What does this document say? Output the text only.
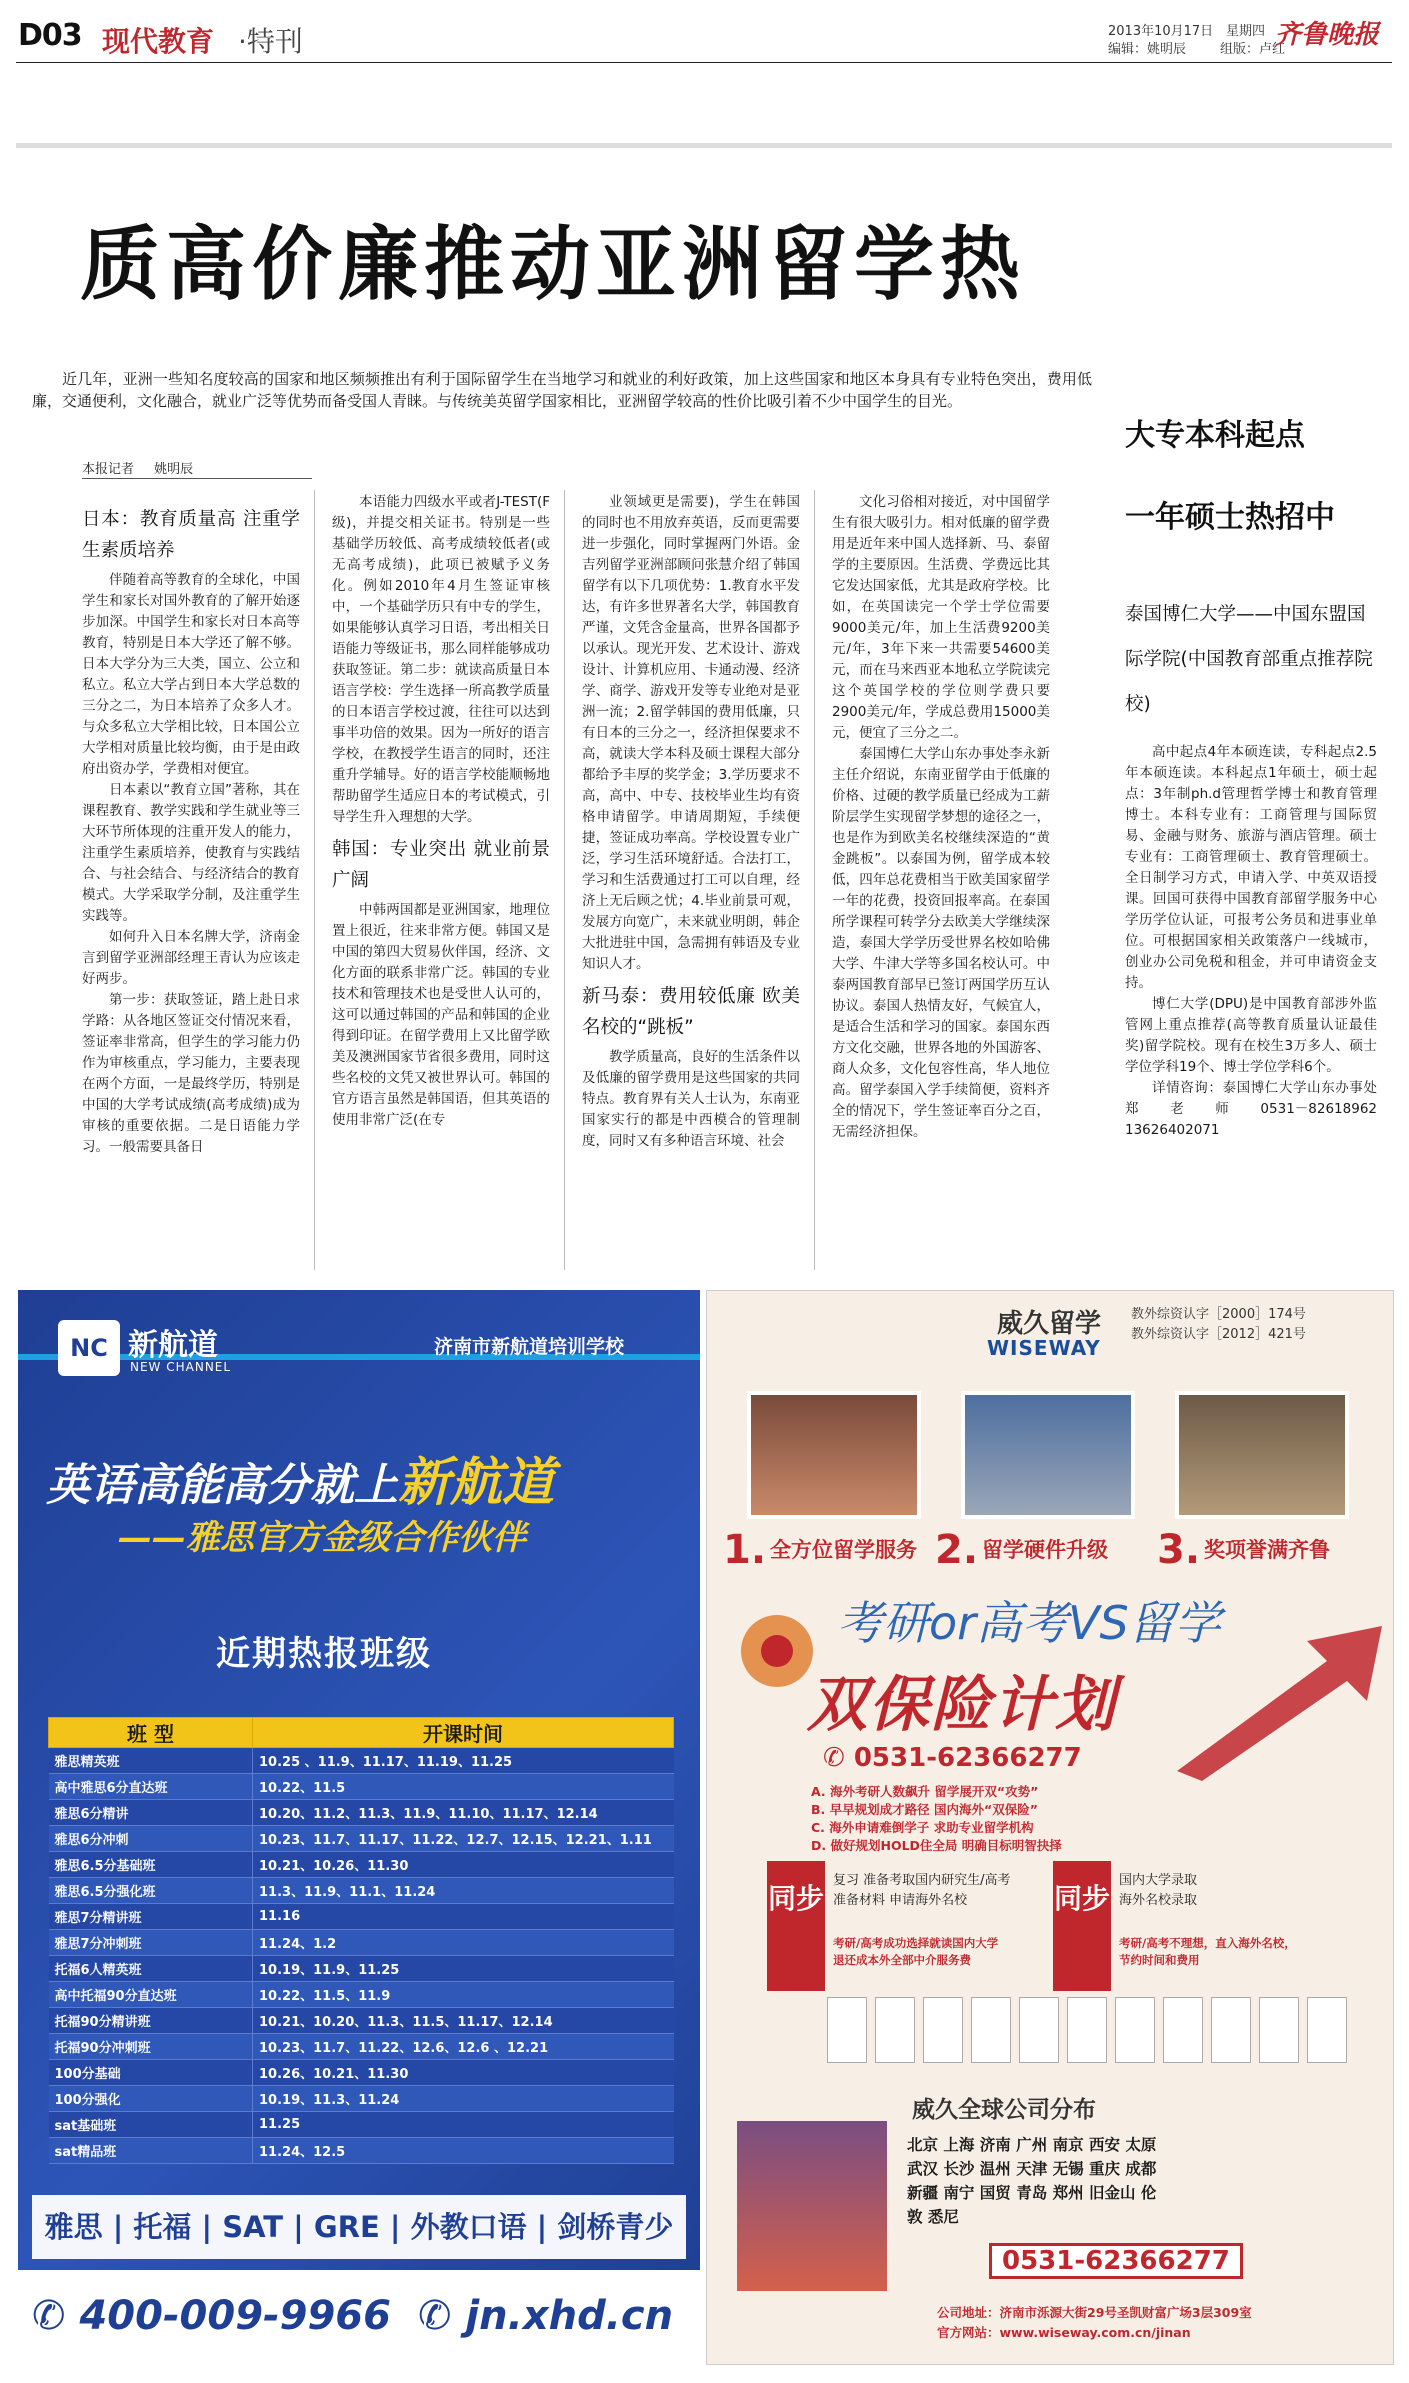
D03 现代教育 ·特刊	2013年10月17日 星期四
编辑：姚明辰	组版：卢红
齐鲁晚报
质高价廉推动亚洲留学热

近几年，亚洲一些知名度较高的国家和地区频频推出有利于国际留学生在当地学习和就业的利好政策，加上这些国家和地区本身具有专业特色突出，费用低廉，交通便利，文化融合，就业广泛等优势而备受国人青睐。与传统美英留学国家相比，亚洲留学较高的性价比吸引着不少中国学生的目光。

本报记者 姚明辰

日本：教育质量高 注重学生素质培养

伴随着高等教育的全球化，中国学生和家长对国外教育的了解开始逐步加深。中国学生和家长对日本高等教育，特别是日本大学还了解不够。日本大学分为三大类，国立、公立和私立。私立大学占到日本大学总数的三分之二，为日本培养了众多人才。与众多私立大学相比较，日本国公立大学相对质量比较均衡，由于是由政府出资办学，学费相对便宜。

日本素以“教育立国”著称，其在课程教育、教学实践和学生就业等三大环节所体现的注重开发人的能力，注重学生素质培养，使教育与实践结合、与社会结合、与经济结合的教育模式。大学采取学分制，及注重学生实践等。

如何升入日本名牌大学，济南金言到留学亚洲部经理王青认为应该走好两步。

第一步：获取签证，踏上赴日求学路：从各地区签证交付情况来看，签证率非常高，但学生的学习能力仍作为审核重点，学习能力，主要表现在两个方面，一是最终学历，特别是中国的大学考试成绩(高考成绩)成为审核的重要依据。二是日语能力学习。一般需要具备日

本语能力四级水平或者J-TEST(F级)，并提交相关证书。特别是一些基础学历较低、高考成绩较低者(或无高考成绩)，此项已被赋予义务化。例如2010年4月生签证审核中，一个基础学历只有中专的学生，如果能够认真学习日语，考出相关日语能力等级证书，那么同样能够成功获取签证。第二步：就读高质量日本语言学校：学生选择一所高教学质量的日本语言学校过渡，往往可以达到事半功倍的效果。因为一所好的语言学校，在教授学生语言的同时，还注重升学辅导。好的语言学校能顺畅地帮助留学生适应日本的考试模式，引导学生升入理想的大学。

韩国：专业突出 就业前景广阔

中韩两国都是亚洲国家，地理位置上很近，往来非常方便。韩国又是中国的第四大贸易伙伴国，经济、文化方面的联系非常广泛。韩国的专业技术和管理技术也是受世人认可的，这可以通过韩国的产品和韩国的企业得到印证。在留学费用上又比留学欧美及澳洲国家节省很多费用，同时这些名校的文凭又被世界认可。韩国的官方语言虽然是韩国语，但其英语的使用非常广泛(在专

业领域更是需要)，学生在韩国的同时也不用放弃英语，反而更需要进一步强化，同时掌握两门外语。金吉列留学亚洲部顾问张慧介绍了韩国留学有以下几项优势：1.教育水平发达，有许多世界著名大学，韩国教育严谨，文凭含金量高，世界各国都予以承认。现光开发、艺术设计、游戏设计、计算机应用、卡通动漫、经济学、商学、游戏开发等专业绝对是亚洲一流；2.留学韩国的费用低廉，只有日本的三分之一，经济担保要求不高，就读大学本科及硕士课程大部分都给予丰厚的奖学金；3.学历要求不高，高中、中专、技校毕业生均有资格申请留学。申请周期短，手续便捷，签证成功率高。学校设置专业广泛，学习生活环境舒适。合法打工，学习和生活费通过打工可以自理，经济上无后顾之忧；4.毕业前景可观，发展方向宽广，未来就业明朗，韩企大批进驻中国，急需拥有韩语及专业知识人才。

新马泰：费用较低廉 欧美名校的“跳板”

教学质量高，良好的生活条件以及低廉的留学费用是这些国家的共同特点。教育界有关人士认为，东南亚国家实行的都是中西模合的管理制度，同时又有多种语言环境、社会

文化习俗相对接近，对中国留学生有很大吸引力。相对低廉的留学费用是近年来中国人选择新、马、泰留学的主要原因。生活费、学费远比其它发达国家低，尤其是政府学校。比如，在英国读完一个学士学位需要9000美元/年，加上生活费9200美元/年，3年下来一共需要54600美元，而在马来西亚本地私立学院读完这个英国学校的学位则学费只要2900美元/年，学成总费用15000美元，便宜了三分之二。

泰国博仁大学山东办事处李永新主任介绍说，东南亚留学由于低廉的价格、过硬的教学质量已经成为工薪阶层学生实现留学梦想的途径之一，也是作为到欧美名校继续深造的“黄金跳板”。以泰国为例，留学成本较低，四年总花费相当于欧美国家留学一年的花费，投资回报率高。在泰国所学课程可转学分去欧美大学继续深造，泰国大学学历受世界名校如哈佛大学、牛津大学等多国名校认可。中泰两国教育部早已签订两国学历互认协议。泰国人热情友好，气候宜人，是适合生活和学习的国家。泰国东西方文化交融，世界各地的外国游客、商人众多，文化包容性高，华人地位高。留学泰国入学手续简便，资料齐全的情况下，学生签证率百分之百，无需经济担保。

大专本科起点
一年硕士热招中
泰国博仁大学——中国东盟国际学院(中国教育部重点推荐院校)

高中起点4年本硕连读，专科起点2.5年本硕连读。本科起点1年硕士，硕士起点：3年制ph.d管理哲学博士和教育管理博士。本科专业有：工商管理与国际贸易、金融与财务、旅游与酒店管理。硕士专业有：工商管理硕士、教育管理硕士。全日制学习方式，申请入学、中英双语授课。回国可获得中国教育部留学服务中心学历学位认证，可报考公务员和进事业单位。可根据国家相关政策落户一线城市，创业办公司免税和租金，并可申请资金支持。

博仁大学(DPU)是中国教育部涉外监管网上重点推荐(高等教育质量认证最佳奖)留学院校。现有在校生3万多人、硕士学位学科19个、博士学位学科6个。

详情咨询：泰国博仁大学山东办事处 郑老师0531－82618962 13626402071

NC 新航道
NEW CHANNEL
济南市新航道培训学校
英语高能高分就上新航道
——雅思官方金级合作伙伴
近期热报班级
班 型	开课时间
雅思精英班	10.25 、11.9、11.17、11.19、11.25
高中雅思6分直达班	10.22、11.5
雅思6分精讲	10.20、11.2、11.3、11.9、11.10、11.17、12.14
雅思6分冲刺	10.23、11.7、11.17、11.22、12.7、12.15、12.21、1.11
雅思6.5分基础班	10.21、10.26、11.30
雅思6.5分强化班	11.3、11.9、11.1、11.24
雅思7分精讲班	11.16
雅思7分冲刺班	11.24、1.2
托福6人精英班	10.19、11.9、11.25
高中托福90分直达班	10.22、11.5、11.9
托福90分精讲班	10.21、10.20、11.3、11.5、11.17、12.14
托福90分冲刺班	10.23、11.7、11.22、12.6、12.6 、12.21
100分基础	10.26、10.21、11.30
100分强化	10.19、11.3、11.24
sat基础班	11.25
sat精品班	11.24、12.5
雅思 | 托福 | SAT | GRE | 外教口语 | 剑桥青少
✆ 400-009-9966 ✆ jn.xhd.cn
威久留学
WISEWAY
教外综资认字［2000］174号
教外综资认字［2012］421号
1. 全方位留学服务 2. 留学硬件升级 3. 奖项誉满齐鲁
考研or高考VS留学
双保险计划
✆ 0531-62366277
A. 海外考研人数飙升 留学展开双“攻势”
B. 早早规划成才路径 国内海外“双保险”
C. 海外申请难倒学子 求助专业留学机构
D. 做好规划HOLD住全局 明确目标明智抉择
同步
复习 准备考取国内研究生/高考
准备材料 申请海外名校	同步
国内大学录取
海外名校录取
考研/高考成功选择就读国内大学
退还成本外全部中介服务费
考研/高考不理想，直入海外名校，
节约时间和费用
威久全球公司分布
北京 上海 济南 广州 南京 西安 太原 武汉 长沙 温州 天津 无锡 重庆 成都 新疆 南宁 国贸 青岛 郑州 旧金山 伦敦 悉尼
0531-62366277
公司地址：济南市泺源大街29号圣凯财富广场3层309室
官方网站：www.wiseway.com.cn/jinan
